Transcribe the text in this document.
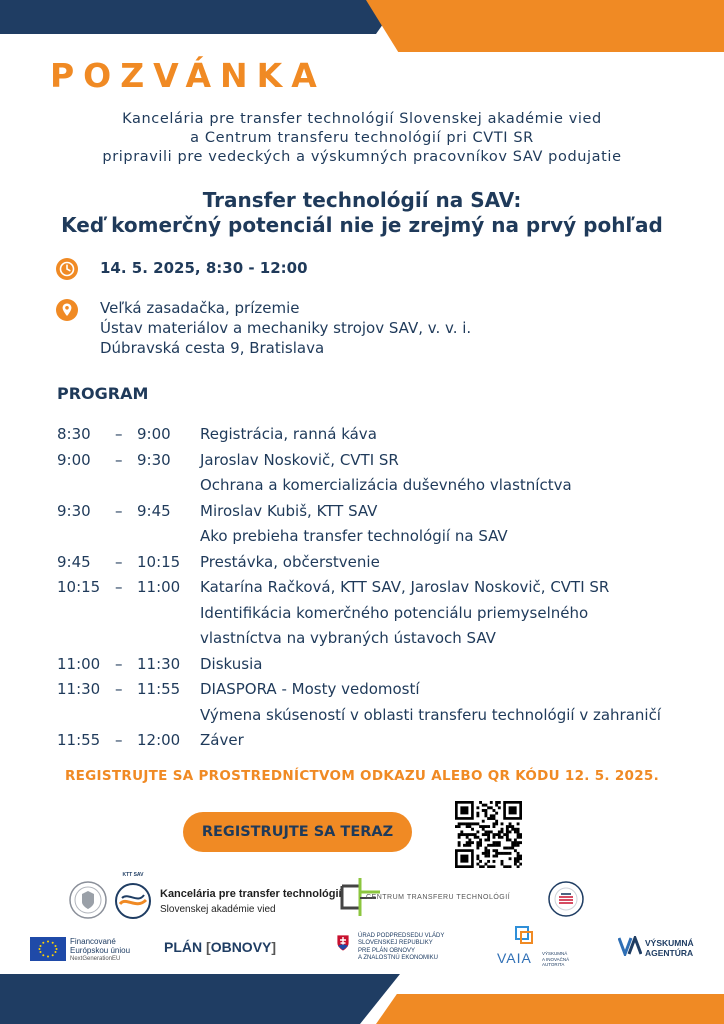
POZVÁNKA
Kancelária pre transfer technológií Slovenskej akadémie vied
a Centrum transferu technológií pri CVTI SR
pripravili pre vedeckých a výskumných pracovníkov SAV podujatie
Transfer technológií na SAV:
Keď komerčný potenciál nie je zrejmý na prvý pohľad
14. 5. 2025, 8:30 - 12:00
Veľká zasadačka, prízemie
Ústav materiálov a mechaniky strojov SAV, v. v. i.
Dúbravská cesta 9, Bratislava
PROGRAM
8:30	– 9:00	Registrácia, ranná káva
9:00	– 9:30	Jaroslav Noskovič, CVTI SR
Ochrana a komercializácia duševného vlastníctva
9:30	– 9:45	Miroslav Kubiš, KTT SAV
Ako prebieha transfer technológií na SAV
9:45	– 10:15	Prestávka, občerstvenie
10:15 – 11:00	Katarína Račková, KTT SAV, Jaroslav Noskovič, CVTI SR
Identifikácia komerčného potenciálu priemyselného
vlastníctva na vybraných ústavoch SAV
11:00 – 11:30	Diskusia
11:30 – 11:55	DIASPORA - Mosty vedomostí
Výmena skúseností v oblasti transferu technológií v zahraničí
11:55 – 12:00	Záver
REGISTRUJTE SA PROSTREDNÍCTVOM ODKAZU ALEBO QR KÓDU 12. 5. 2025.
REGISTRUJTE SA TERAZ
KTT SAV
Kancelária pre transfer technológií
Slovenskej akadémie vied
CENTRUM TRANSFERU TECHNOLÓGIÍ
Financované
Európskou úniou
NextGenerationEU
PLÁN [OBNOVY]
ÚRAD PODPREDSEDU VLÁDY
SLOVENSKEJ REPUBLIKY
PRE PLÁN OBNOVY
A ZNALOSTNÚ EKONOMIKU	VAIA VÝSKUMNÁ
A INOVAČNÁ
AUTORITA
VÝSKUMNÁ
AGENTÚRA
